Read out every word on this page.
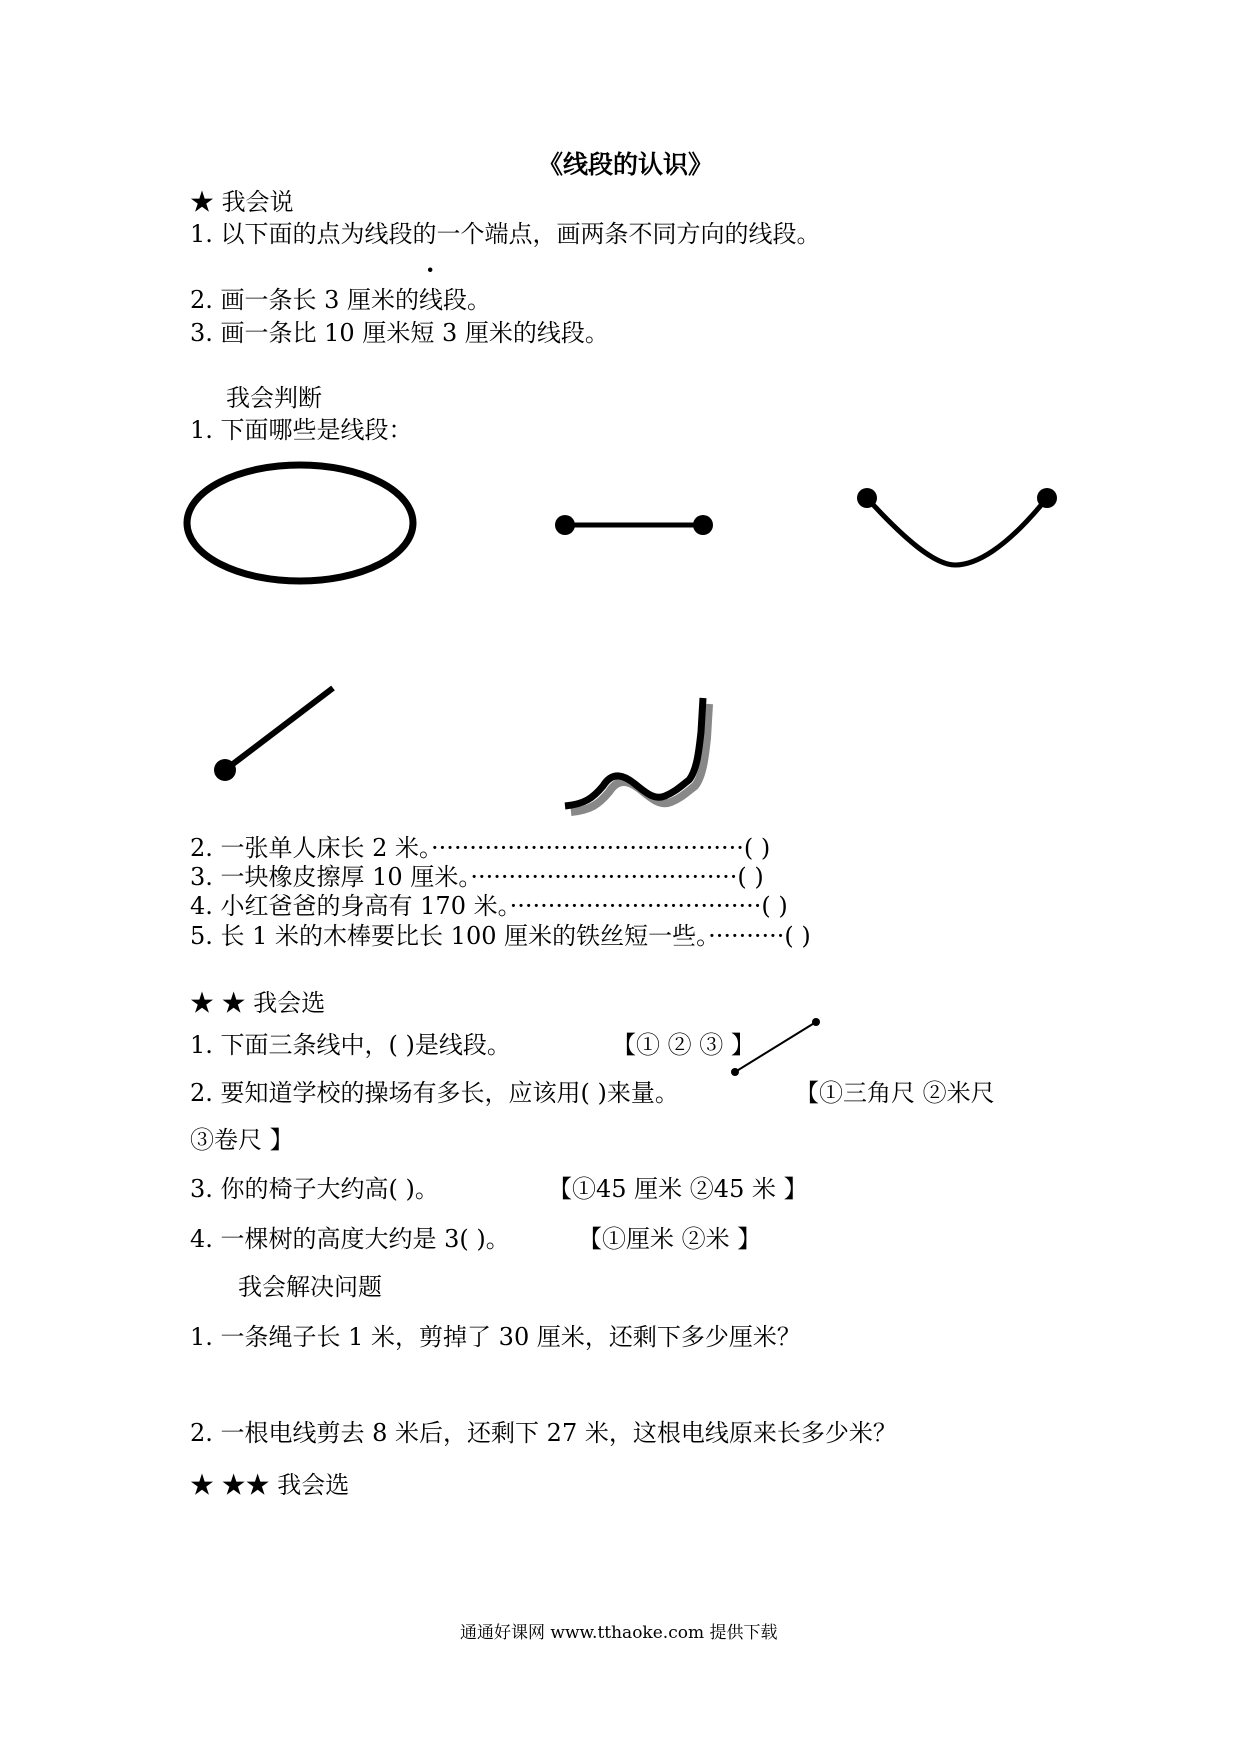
《线段的认识》
★ 我会说
1. 以下面的点为线段的一个端点，画两条不同方向的线段。
·
2. 画一条长 3 厘米的线段。
3. 画一条比 10 厘米短 3 厘米的线段。
我会判断
1. 下面哪些是线段：
2. 一张单人床长 2 米。·········································( )
3. 一块橡皮擦厚 10 厘米。···································( )
4. 小红爸爸的身高有 170 米。·································( )
5. 长 1 米的木棒要比长 100 厘米的铁丝短一些。··········( )
★ ★ 我会选
1. 下面三条线中，( )是线段。	【① ② ③ 】
2. 要知道学校的操场有多长，应该用( )来量。	【①三角尺 ②米尺
③卷尺 】
3. 你的椅子大约高( )。	【①45 厘米 ②45 米 】
4. 一棵树的高度大约是 3( )。	【①厘米 ②米 】
我会解决问题
1. 一条绳子长 1 米，剪掉了 30 厘米，还剩下多少厘米？
2. 一根电线剪去 8 米后，还剩下 27 米，这根电线原来长多少米？
★ ★★ 我会选
通通好课网 www.tthaoke.com 提供下载
